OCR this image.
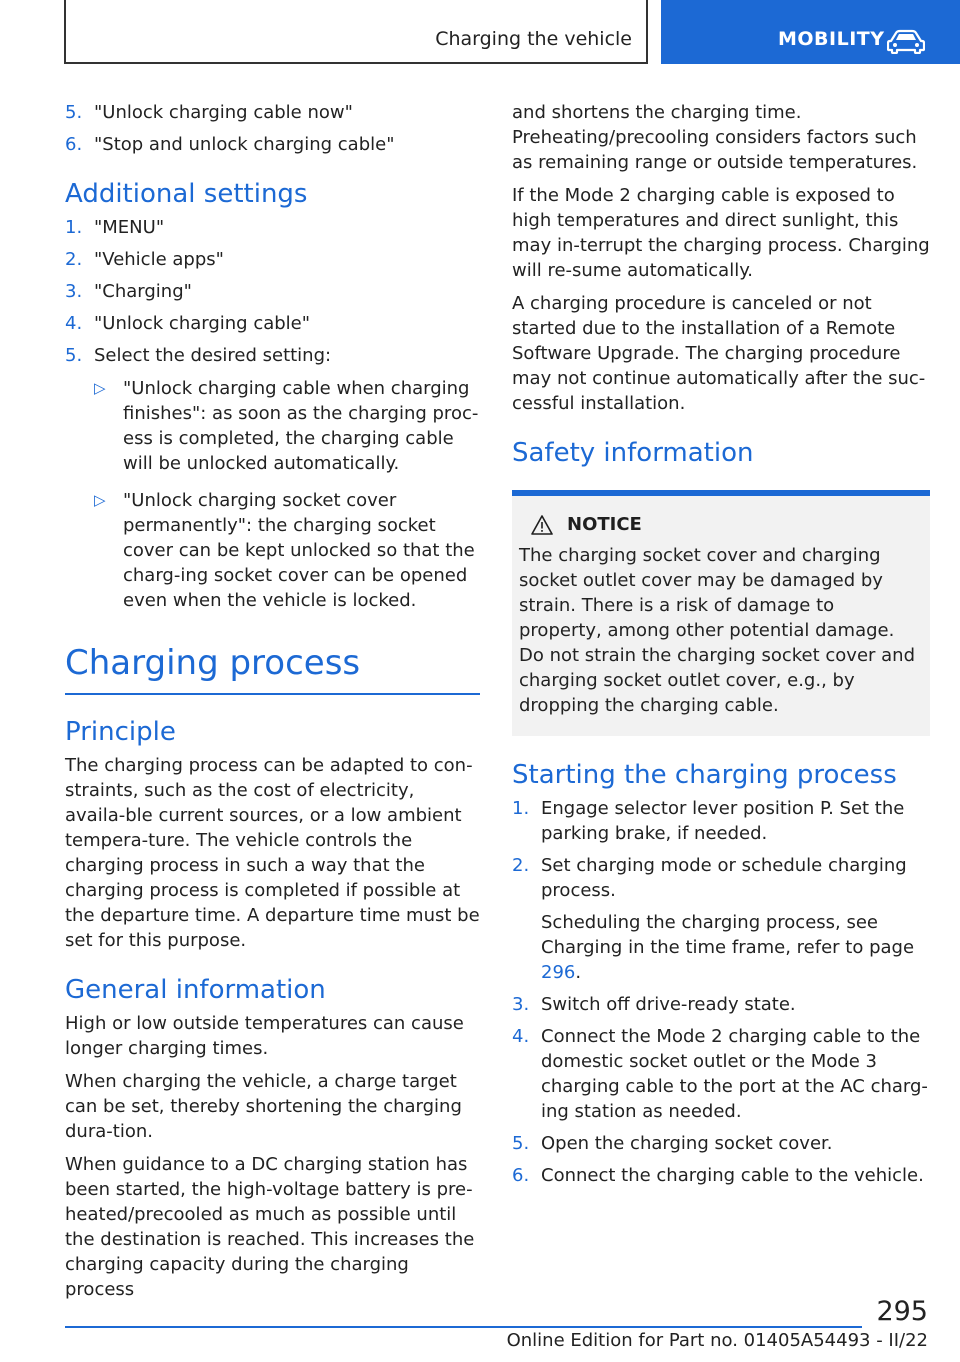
Charging the vehicle	MOBILITY
5. "Unlock charging cable now"
6. "Stop and unlock charging cable"
Additional settings
1. "MENU"
2. "Vehicle apps"
3. "Charging"
4. "Unlock charging cable"
5. Select the desired setting:
▷ "Unlock charging cable when charging finishes": as soon as the charging proc‐ess is completed, the charging cable will be unlocked automatically.
▷ "Unlock charging socket cover permanently": the charging socket cover can be kept unlocked so that the charg‐ing socket cover can be opened even when the vehicle is locked.
Charging process
Principle

The charging process can be adapted to con‐straints, such as the cost of electricity, availa‐ble current sources, or a low ambient tempera‐ture. The vehicle controls the charging process in such a way that the charging process is completed if possible at the departure time. A departure time must be set for this purpose.

General information

High or low outside temperatures can cause longer charging times.

When charging the vehicle, a charge target can be set, thereby shortening the charging dura‐tion.

When guidance to a DC charging station has been started, the high-voltage battery is pre‐heated/precooled as much as possible until the destination is reached. This increases the charging capacity during the charging process

and shortens the charging time. Preheating/precooling considers factors such as remaining range or outside temperatures.

If the Mode 2 charging cable is exposed to high temperatures and direct sunlight, this may in‐terrupt the charging process. Charging will re‐sume automatically.

A charging procedure is canceled or not started due to the installation of a Remote Software Upgrade. The charging procedure may not continue automatically after the suc‐cessful installation.

Safety information
NOTICE
The charging socket cover and charging socket outlet cover may be damaged by strain. There is a risk of damage to property, among other potential damage. Do not strain the charging socket cover and charging socket outlet cover, e.g., by dropping the charging cable.
Starting the charging process
1. Engage selector lever position P. Set the parking brake, if needed.
2. Set charging mode or schedule charging process.
Scheduling the charging process, see Charging in the time frame, refer to page 296.
3. Switch off drive-ready state.
4. Connect the Mode 2 charging cable to the domestic socket outlet or the Mode 3 charging cable to the port at the AC charg‐ing station as needed.
5. Open the charging socket cover.
6. Connect the charging cable to the vehicle.
295
Online Edition for Part no. 01405A54493 - II/22
